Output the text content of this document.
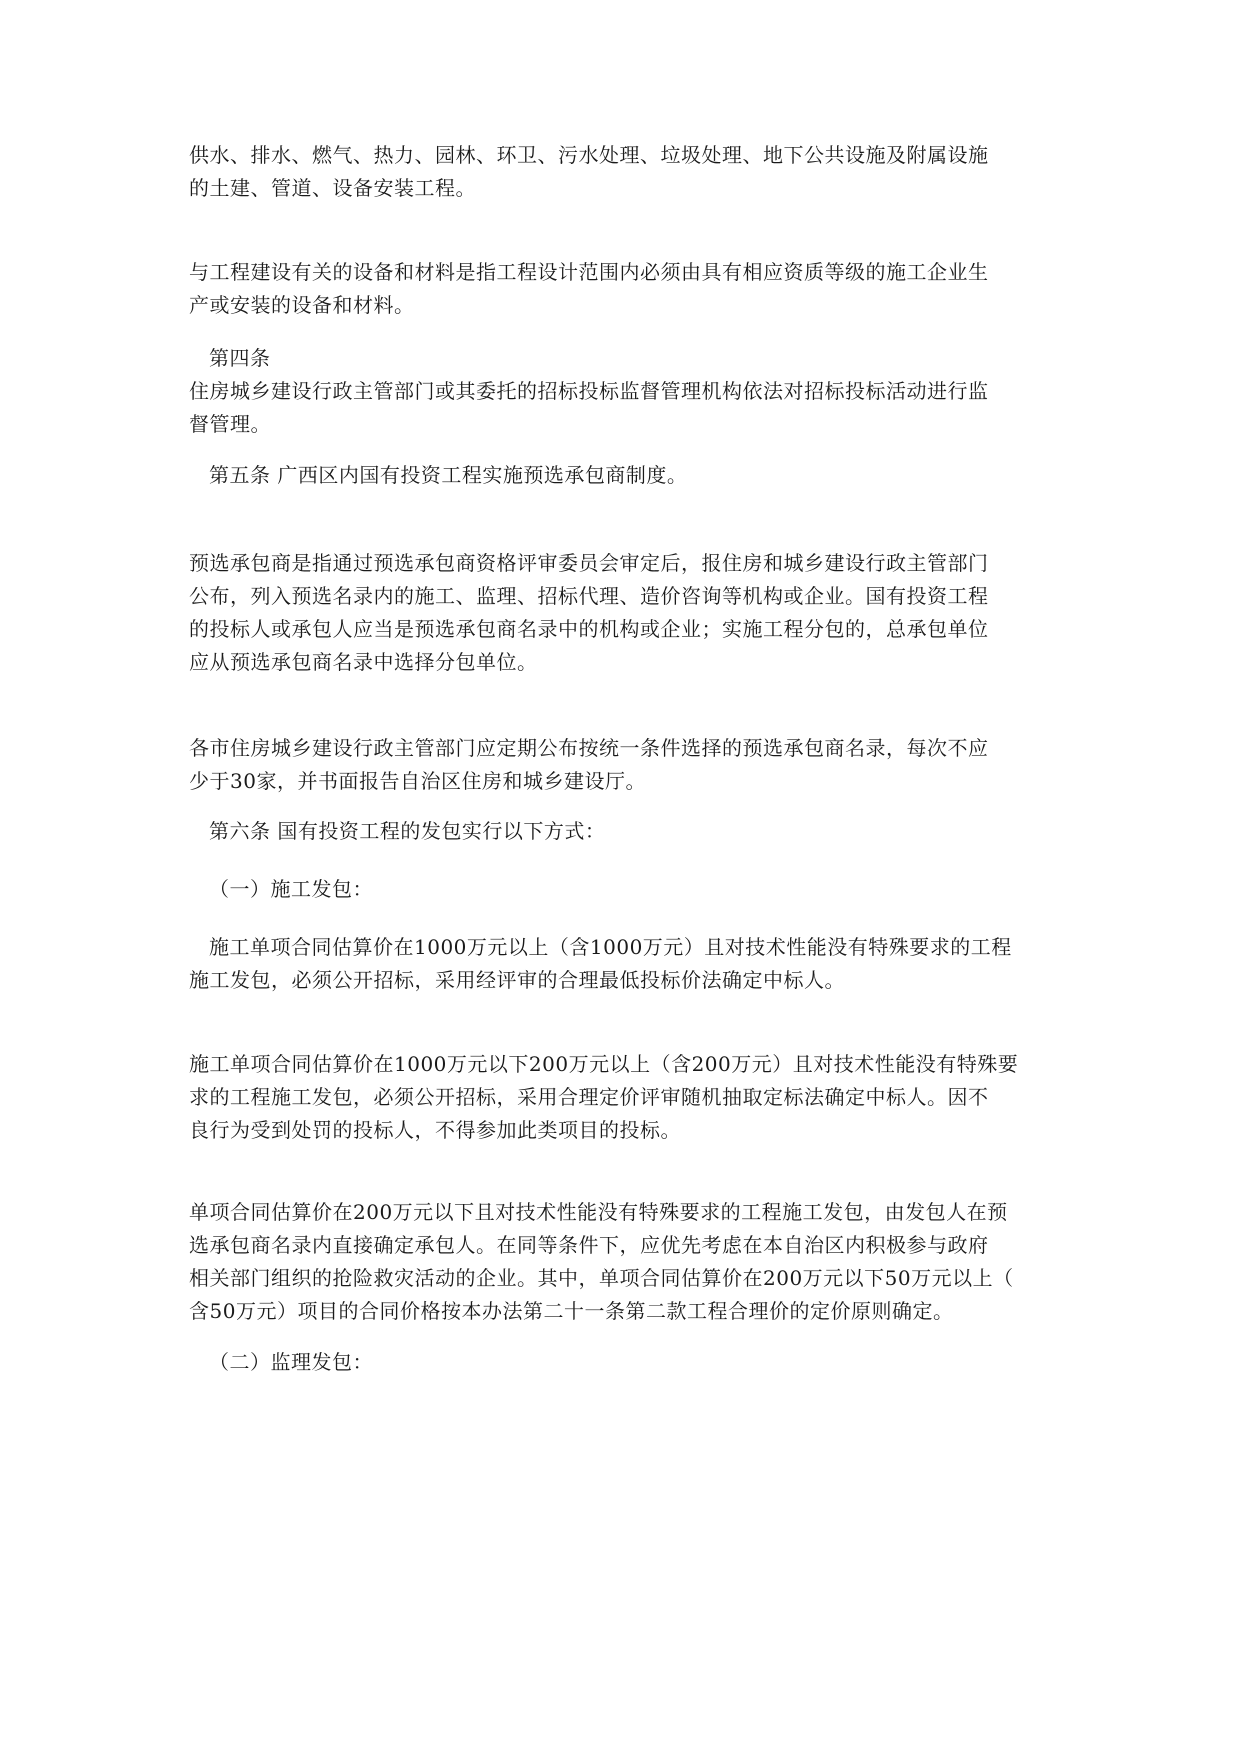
供水、排水、燃气、热力、园林、环卫、污水处理、垃圾处理、地下公共设施及附属设施
的土建、管道、设备安装工程。
与工程建设有关的设备和材料是指工程设计范围内必须由具有相应资质等级的施工企业生
产或安装的设备和材料。
第四条
住房城乡建设行政主管部门或其委托的招标投标监督管理机构依法对招标投标活动进行监
督管理。
第五条 广西区内国有投资工程实施预选承包商制度。
预选承包商是指通过预选承包商资格评审委员会审定后，报住房和城乡建设行政主管部门
公布，列入预选名录内的施工、监理、招标代理、造价咨询等机构或企业。国有投资工程
的投标人或承包人应当是预选承包商名录中的机构或企业；实施工程分包的，总承包单位
应从预选承包商名录中选择分包单位。
各市住房城乡建设行政主管部门应定期公布按统一条件选择的预选承包商名录，每次不应
少于30家，并书面报告自治区住房和城乡建设厅。
第六条 国有投资工程的发包实行以下方式：
（一）施工发包：
施工单项合同估算价在1000万元以上（含1000万元）且对技术性能没有特殊要求的工程
施工发包，必须公开招标，采用经评审的合理最低投标价法确定中标人。
施工单项合同估算价在1000万元以下200万元以上（含200万元）且对技术性能没有特殊要
求的工程施工发包，必须公开招标，采用合理定价评审随机抽取定标法确定中标人。因不
良行为受到处罚的投标人，不得参加此类项目的投标。
单项合同估算价在200万元以下且对技术性能没有特殊要求的工程施工发包，由发包人在预
选承包商名录内直接确定承包人。在同等条件下，应优先考虑在本自治区内积极参与政府
相关部门组织的抢险救灾活动的企业。其中，单项合同估算价在200万元以下50万元以上（
含50万元）项目的合同价格按本办法第二十一条第二款工程合理价的定价原则确定。
（二）监理发包：
